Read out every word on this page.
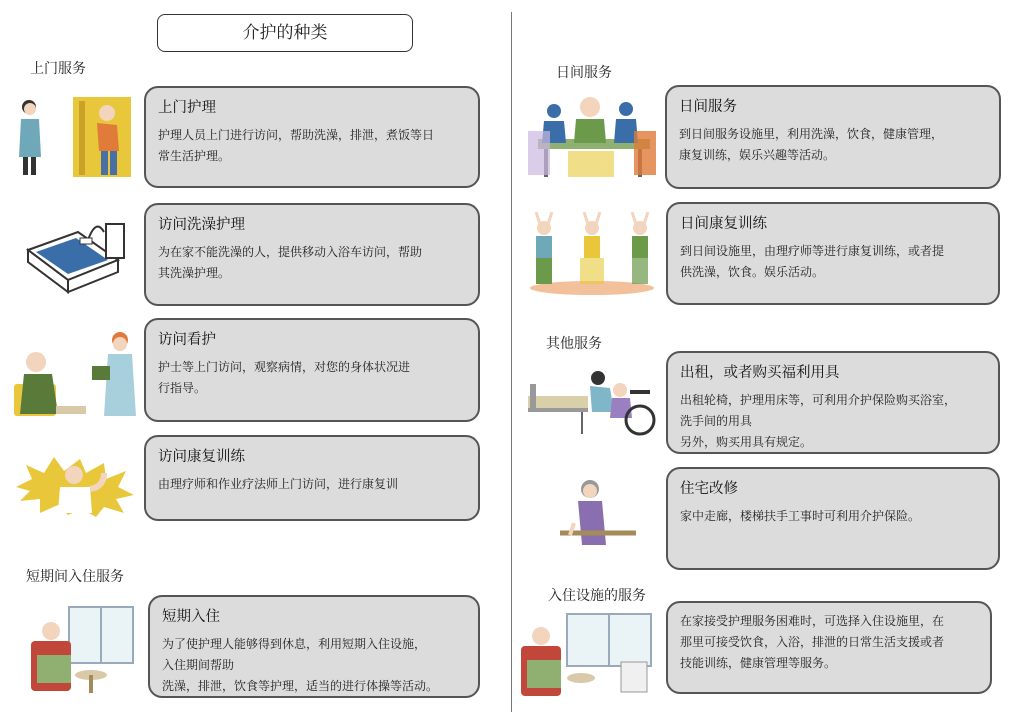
介护的种类
上门服务
上门护理

护理人员上门进行访问，帮助洗澡，排泄，煮饭等日

常生活护理。

访问洗澡护理

为在家不能洗澡的人，提供移动入浴车访问，帮助

其洗澡护理。

访问看护

护士等上门访问，观察病情，对您的身体状况进

行指导。

访问康复训练

由理疗师和作业疗法师上门访问，进行康复训

短期间入住服务
短期入住

为了使护理人能够得到休息，利用短期入住设施，

入住期间帮助

洗澡，排泄，饮食等护理，适当的进行体操等活动。

日间服务
日间服务

到日间服务设施里，利用洗澡，饮食，健康管理，

康复训练，娱乐兴趣等活动。

日间康复训练

到日间设施里，由理疗师等进行康复训练，或者提

供洗澡，饮食。娱乐活动。

其他服务
出租，或者购买福利用具

出租轮椅，护理用床等，可利用介护保险购买浴室，

洗手间的用具

另外，购买用具有规定。

住宅改修

家中走廊，楼梯扶手工事时可利用介护保险。

入住设施的服务

在家接受护理服务困难时，可选择入住设施里，在

那里可接受饮食，入浴，排泄的日常生活支援或者

技能训练，健康管理等服务。
